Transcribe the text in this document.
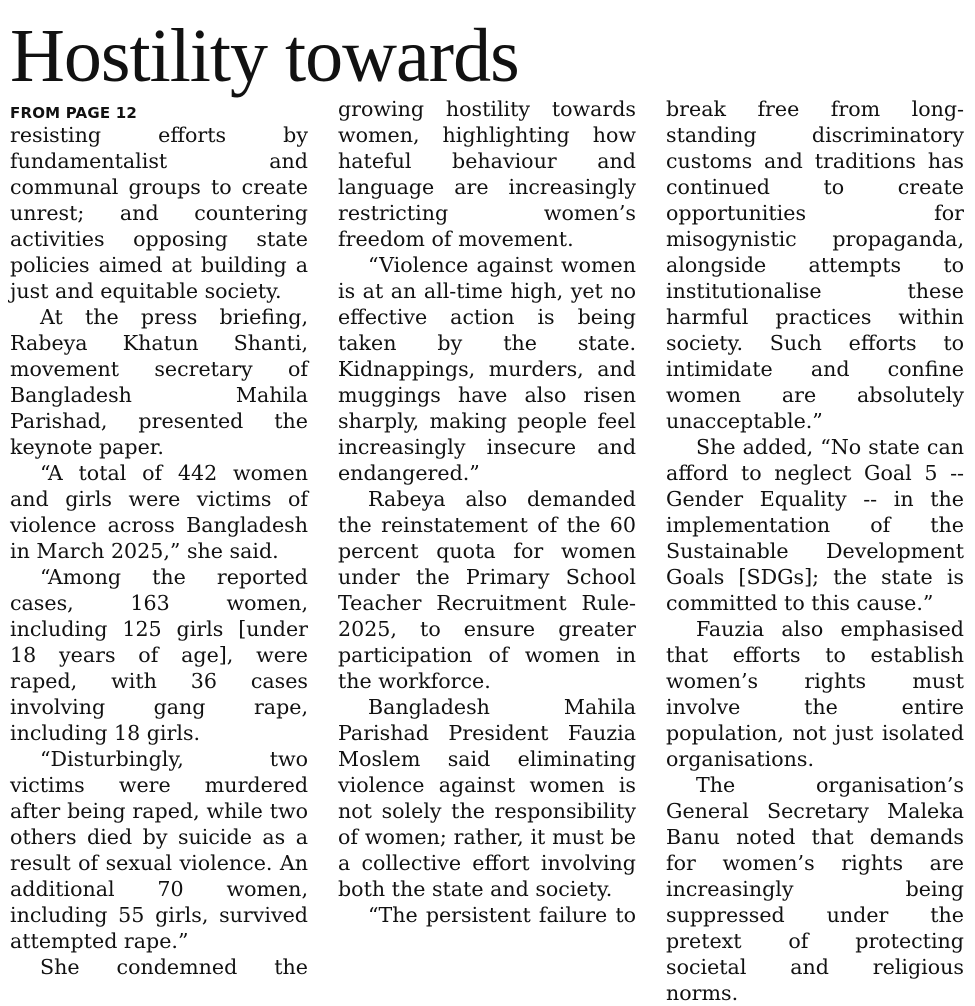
Hostility towards

FROM PAGE 12

resisting efforts by fundamentalist and communal groups to create unrest; and countering activities opposing state policies aimed at building a just and equitable society.

At the press briefing, Rabeya Khatun Shanti, movement secretary of Bangladesh Mahila Parishad, presented the keynote paper.

“A total of 442 women and girls were victims of violence across Bangladesh in March 2025,” she said.

“Among the reported cases, 163 women, including 125 girls [under 18 years of age], were raped, with 36 cases involving gang rape, including 18 girls.

“Disturbingly, two victims were murdered after being raped, while two others died by suicide as a result of sexual violence. An additional 70 women, including 55 girls, survived attempted rape.”

She condemned the

growing hostility towards women, highlighting how hateful behaviour and language are increasingly restricting women’s freedom of movement.

“Violence against women is at an all-time high, yet no effective action is being taken by the state. Kidnappings, murders, and muggings have also risen sharply, making people feel increasingly insecure and endangered.”

Rabeya also demanded the reinstatement of the 60 percent quota for women under the Primary School Teacher Recruitment Rule-2025, to ensure greater participation of women in the workforce.

Bangladesh Mahila Parishad President Fauzia Moslem said eliminating violence against women is not solely the responsibility of women; rather, it must be a collective effort involving both the state and society.

“The persistent failure to

break free from long-standing discriminatory customs and traditions has continued to create opportunities for misogynistic propaganda, alongside attempts to institutionalise these harmful practices within society. Such efforts to intimidate and confine women are absolutely unacceptable.”

She added, “No state can afford to neglect Goal 5 -- Gender Equality -- in the implementation of the Sustainable Development Goals [SDGs]; the state is committed to this cause.”

Fauzia also emphasised that efforts to establish women’s rights must involve the entire population, not just isolated organisations.

The organisation’s General Secretary Maleka Banu noted that demands for women’s rights are increasingly being suppressed under the pretext of protecting societal and religious norms.
